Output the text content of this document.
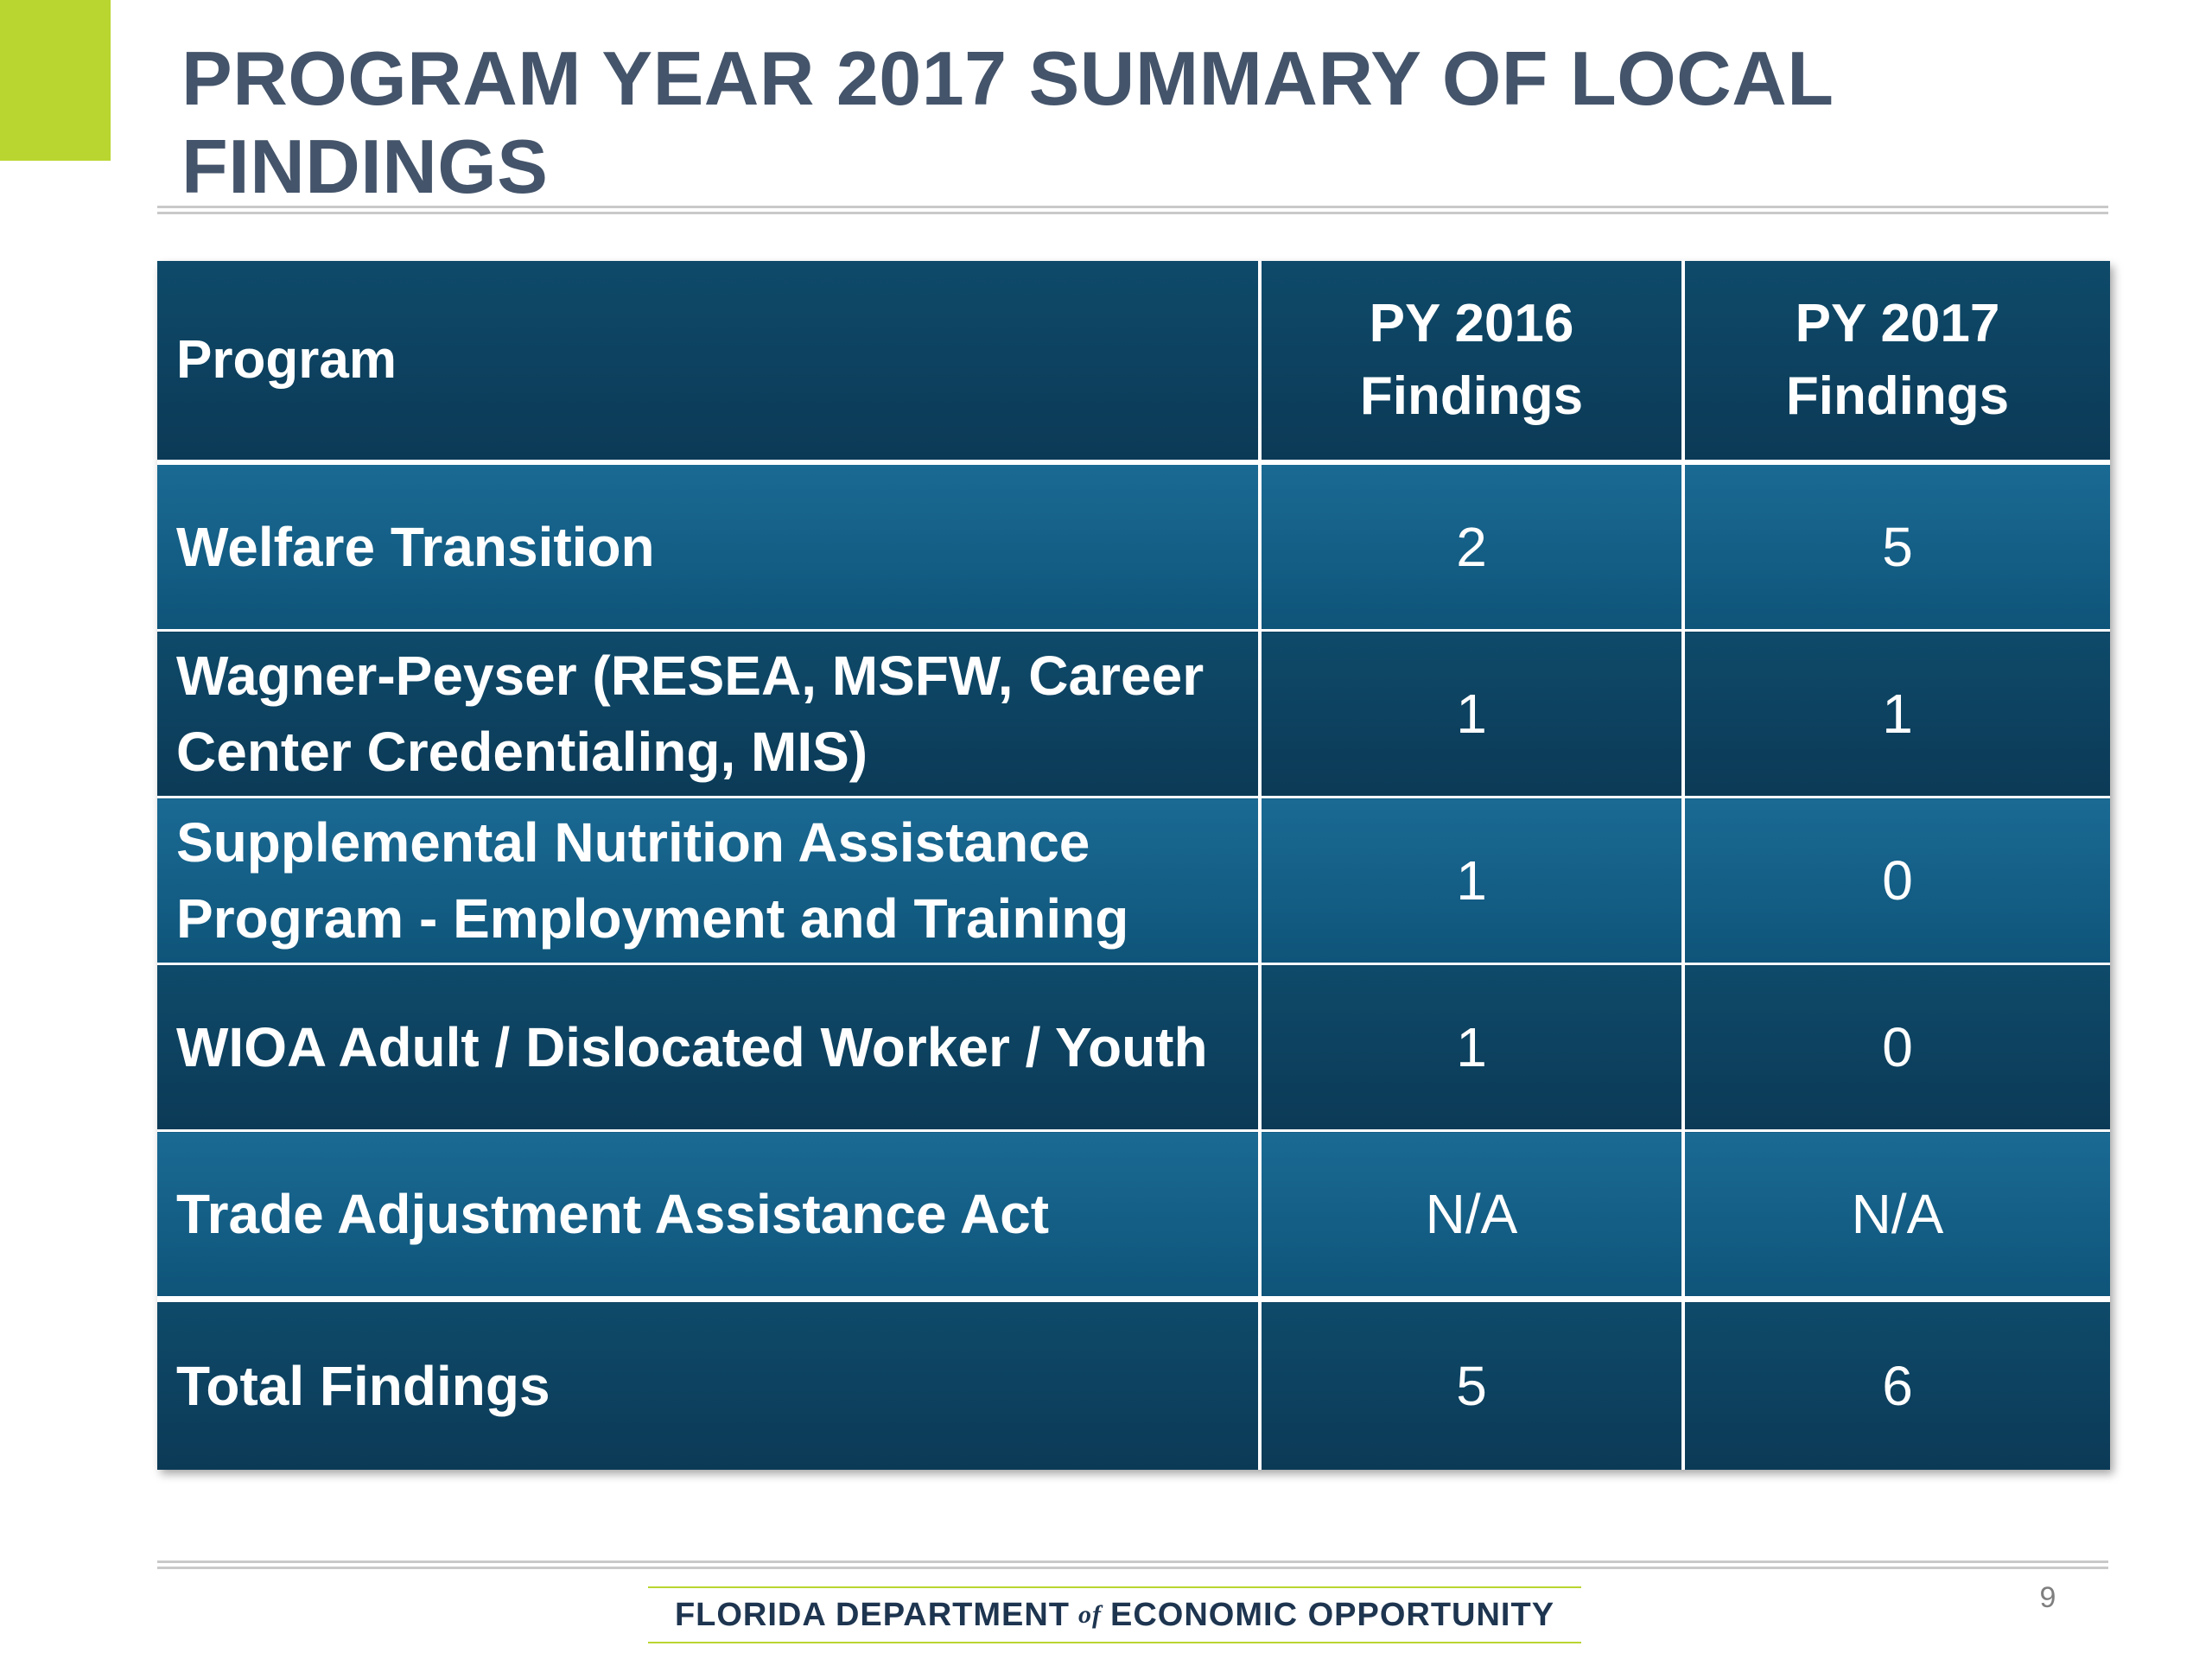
PROGRAM YEAR 2017 SUMMARY OF LOCAL FINDINGS
Program	PY 2016 Findings	PY 2017 Findings
Welfare Transition	2	5
Wagner-Peyser (RESEA, MSFW, Career Center Credentialing, MIS)	1	1
Supplemental Nutrition Assistance Program - Employment and Training	1	0
WIOA Adult / Dislocated Worker / Youth	1	0
Trade Adjustment Assistance Act	N/A	N/A
Total Findings	5	6
FLORIDA DEPARTMENT of ECONOMIC OPPORTUNITY	9
